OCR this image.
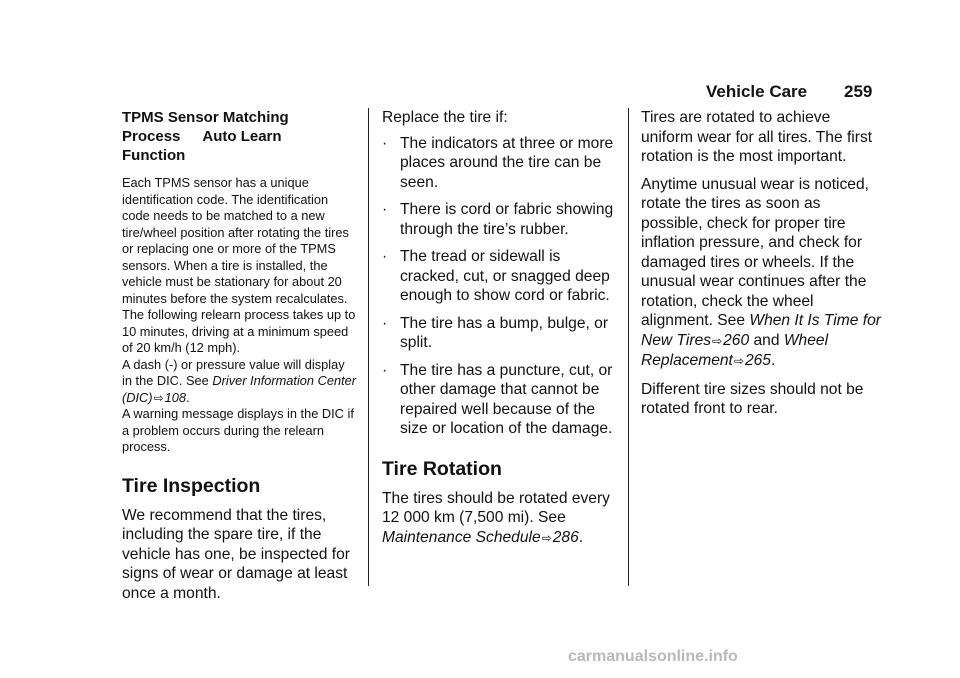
Vehicle Care 259
TPMS Sensor Matching
Process Auto Learn
Function

Each TPMS sensor has a unique identification code. The identification code needs to be matched to a new tire/wheel position after rotating the tires or replacing one or more of the TPMS sensors. When a tire is installed, the vehicle must be stationary for about 20 minutes before the system recalculates. The following relearn process takes up to 10 minutes, driving at a minimum speed of 20 km/h (12 mph).

A dash (-) or pressure value will display in the DIC. See Driver Information Center (DIC)⇨108.

A warning message displays in the DIC if a problem occurs during the relearn process.

Tire Inspection

We recommend that the tires, including the spare tire, if the vehicle has one, be inspected for signs of wear or damage at least once a month.

Replace the tire if:

· The indicators at three or more places around the tire can be seen.
· There is cord or fabric showing through the tire’s rubber.
· The tread or sidewall is cracked, cut, or snagged deep enough to show cord or fabric.
· The tire has a bump, bulge, or split.
· The tire has a puncture, cut, or other damage that cannot be repaired well because of the size or location of the damage.
Tire Rotation

The tires should be rotated every 12 000 km (7,500 mi). See Maintenance Schedule⇨286.

Tires are rotated to achieve uniform wear for all tires. The first rotation is the most important.

Anytime unusual wear is noticed, rotate the tires as soon as possible, check for proper tire inflation pressure, and check for damaged tires or wheels. If the unusual wear continues after the rotation, check the wheel alignment. See When It Is Time for New Tires⇨260 and Wheel Replacement⇨265.

Different tire sizes should not be rotated front to rear.

carmanualsonline.info
